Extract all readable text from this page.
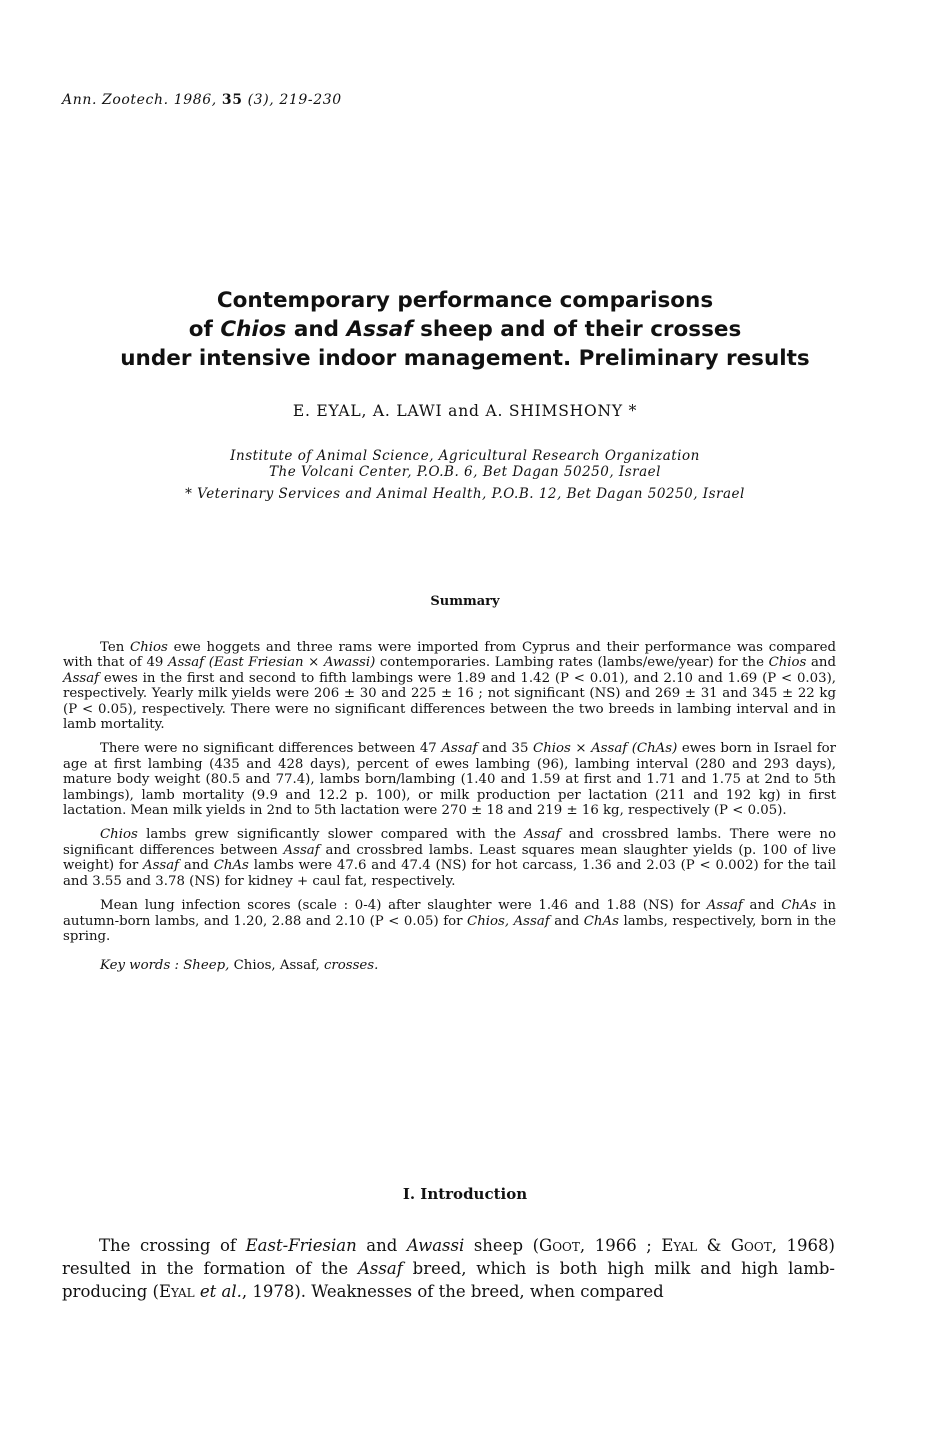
Ann. Zootech. 1986, 35 (3), 219-230
Contemporary performance comparisons
of Chios and Assaf sheep and of their crosses
under intensive indoor management. Preliminary results
E. EYAL, A. LAWI and A. SHIMSHONY *
Institute of Animal Science, Agricultural Research Organization
The Volcani Center, P.O.B. 6, Bet Dagan 50250, Israel
* Veterinary Services and Animal Health, P.O.B. 12, Bet Dagan 50250, Israel
Summary

Ten Chios ewe hoggets and three rams were imported from Cyprus and their performance was compared with that of 49 Assaf (East Friesian × Awassi) contemporaries. Lambing rates (lambs/ewe/year) for the Chios and Assaf ewes in the first and second to fifth lambings were 1.89 and 1.42 (P < 0.01), and 2.10 and 1.69 (P < 0.03), respectively. Yearly milk yields were 206 ± 30 and 225 ± 16 ; not significant (NS) and 269 ± 31 and 345 ± 22 kg (P < 0.05), respectively. There were no significant differences between the two breeds in lambing interval and in lamb mortality.

There were no significant differences between 47 Assaf and 35 Chios × Assaf (ChAs) ewes born in Israel for age at first lambing (435 and 428 days), percent of ewes lambing (96), lambing interval (280 and 293 days), mature body weight (80.5 and 77.4), lambs born/lambing (1.40 and 1.59 at first and 1.71 and 1.75 at 2nd to 5th lambings), lamb mortality (9.9 and 12.2 p. 100), or milk production per lactation (211 and 192 kg) in first lactation. Mean milk yields in 2nd to 5th lactation were 270 ± 18 and 219 ± 16 kg, respectively (P < 0.05).

Chios lambs grew significantly slower compared with the Assaf and crossbred lambs. There were no significant differences between Assaf and crossbred lambs. Least squares mean slaughter yields (p. 100 of live weight) for Assaf and ChAs lambs were 47.6 and 47.4 (NS) for hot carcass, 1.36 and 2.03 (P < 0.002) for the tail and 3.55 and 3.78 (NS) for kidney + caul fat, respectively.

Mean lung infection scores (scale : 0-4) after slaughter were 1.46 and 1.88 (NS) for Assaf and ChAs in autumn-born lambs, and 1.20, 2.88 and 2.10 (P < 0.05) for Chios, Assaf and ChAs lambs, respectively, born in the spring.

Key words : Sheep, Chios, Assaf, crosses.

I. Introduction

The crossing of East-Friesian and Awassi sheep (Goot, 1966 ; Eyal & Goot, 1968) resulted in the formation of the Assaf breed, which is both high milk and high lamb-producing (Eyal et al., 1978). Weaknesses of the breed, when compared
